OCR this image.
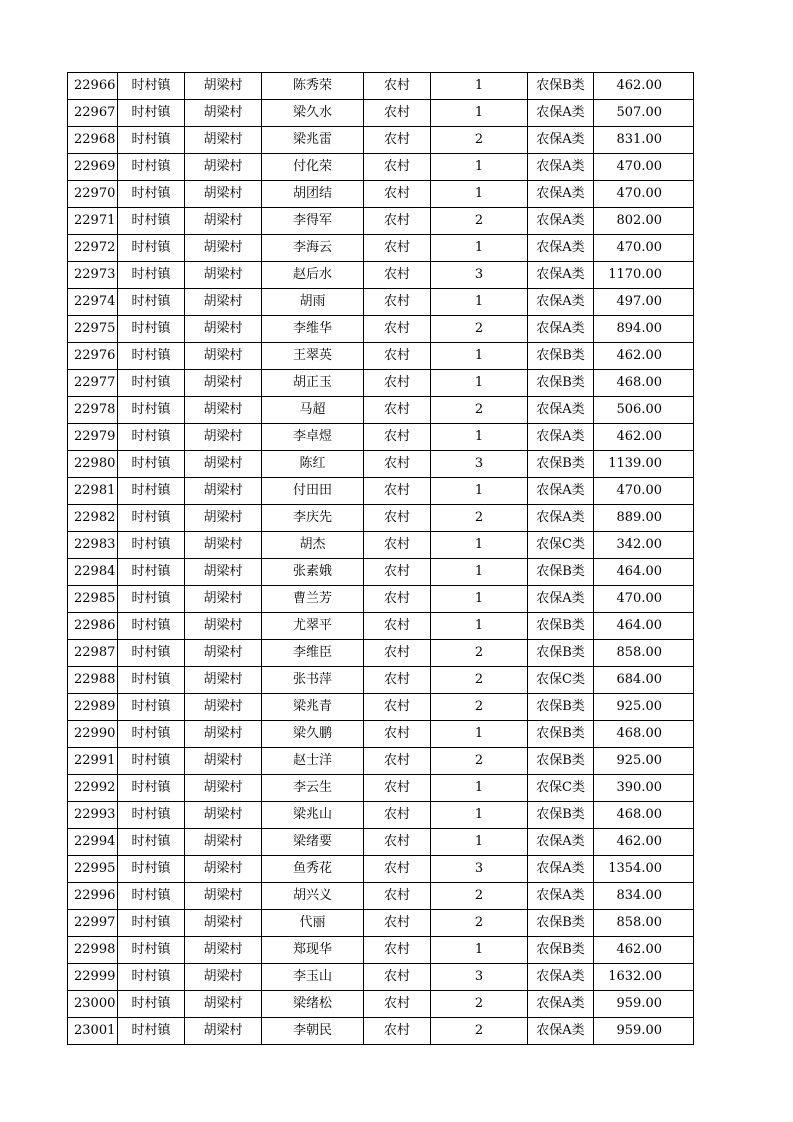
22966	时村镇	胡梁村	陈秀荣	农村	1	农保B类	462.00
22967	时村镇	胡梁村	梁久水	农村	1	农保A类	507.00
22968	时村镇	胡梁村	梁兆雷	农村	2	农保A类	831.00
22969	时村镇	胡梁村	付化荣	农村	1	农保A类	470.00
22970	时村镇	胡梁村	胡团结	农村	1	农保A类	470.00
22971	时村镇	胡梁村	李得军	农村	2	农保A类	802.00
22972	时村镇	胡梁村	李海云	农村	1	农保A类	470.00
22973	时村镇	胡梁村	赵后水	农村	3	农保A类	1170.00
22974	时村镇	胡梁村	胡雨	农村	1	农保A类	497.00
22975	时村镇	胡梁村	李维华	农村	2	农保A类	894.00
22976	时村镇	胡梁村	王翠英	农村	1	农保B类	462.00
22977	时村镇	胡梁村	胡正玉	农村	1	农保B类	468.00
22978	时村镇	胡梁村	马超	农村	2	农保A类	506.00
22979	时村镇	胡梁村	李卓煜	农村	1	农保A类	462.00
22980	时村镇	胡梁村	陈红	农村	3	农保B类	1139.00
22981	时村镇	胡梁村	付田田	农村	1	农保A类	470.00
22982	时村镇	胡梁村	李庆先	农村	2	农保A类	889.00
22983	时村镇	胡梁村	胡杰	农村	1	农保C类	342.00
22984	时村镇	胡梁村	张素娥	农村	1	农保B类	464.00
22985	时村镇	胡梁村	曹兰芳	农村	1	农保A类	470.00
22986	时村镇	胡梁村	尤翠平	农村	1	农保B类	464.00
22987	时村镇	胡梁村	李维臣	农村	2	农保B类	858.00
22988	时村镇	胡梁村	张书萍	农村	2	农保C类	684.00
22989	时村镇	胡梁村	梁兆青	农村	2	农保B类	925.00
22990	时村镇	胡梁村	梁久鹏	农村	1	农保B类	468.00
22991	时村镇	胡梁村	赵士洋	农村	2	农保B类	925.00
22992	时村镇	胡梁村	李云生	农村	1	农保C类	390.00
22993	时村镇	胡梁村	梁兆山	农村	1	农保B类	468.00
22994	时村镇	胡梁村	梁绪要	农村	1	农保A类	462.00
22995	时村镇	胡梁村	鱼秀花	农村	3	农保A类	1354.00
22996	时村镇	胡梁村	胡兴义	农村	2	农保A类	834.00
22997	时村镇	胡梁村	代丽	农村	2	农保B类	858.00
22998	时村镇	胡梁村	郑现华	农村	1	农保B类	462.00
22999	时村镇	胡梁村	李玉山	农村	3	农保A类	1632.00
23000	时村镇	胡梁村	梁绪松	农村	2	农保A类	959.00
23001	时村镇	胡梁村	李朝民	农村	2	农保A类	959.00
